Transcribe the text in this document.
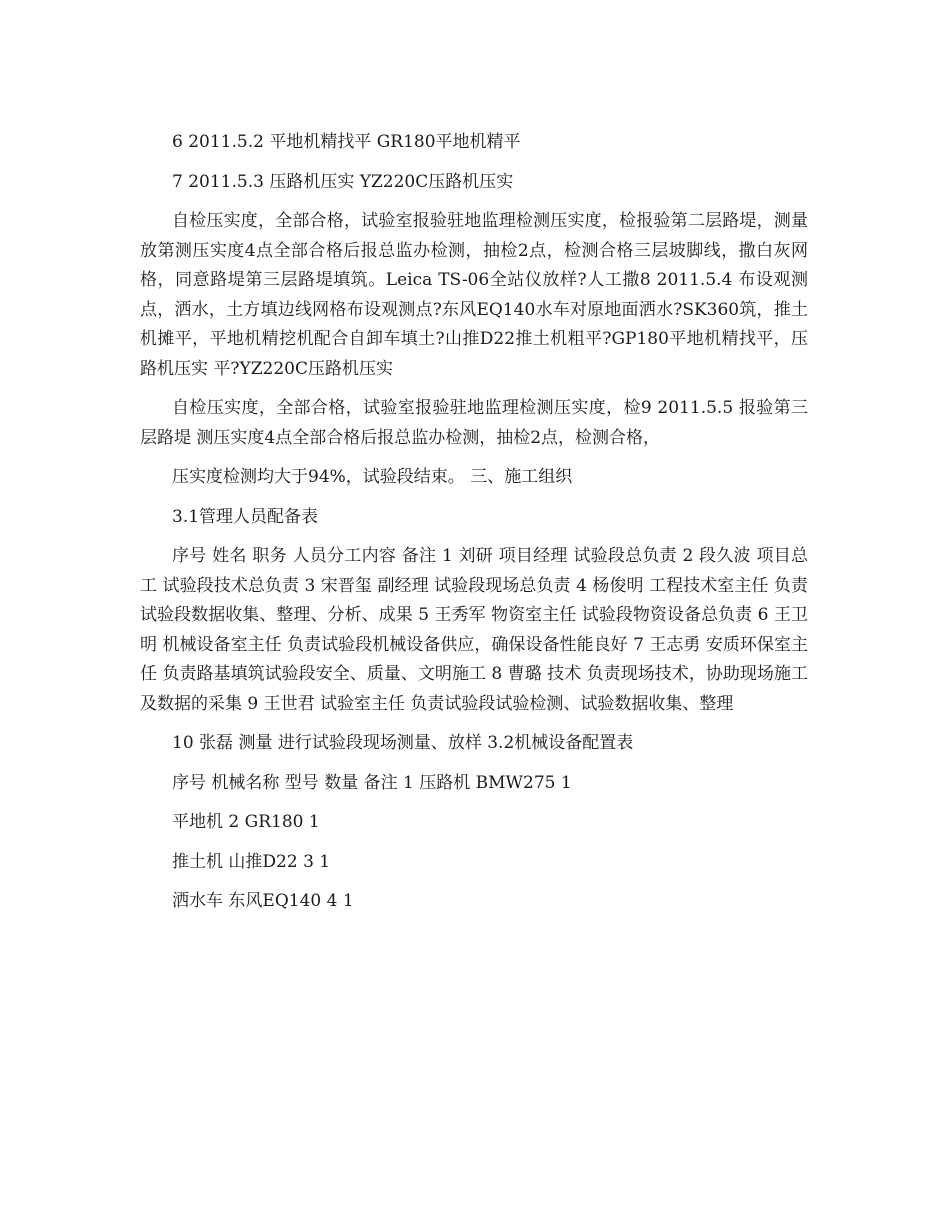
6 2011.5.2 平地机精找平 GR180平地机精平

7 2011.5.3 压路机压实 YZ220C压路机压实

自检压实度，全部合格，试验室报验驻地监理检测压实度，检报验第二层路堤，测量放第测压实度4点全部合格后报总监办检测，抽检2点，检测合格三层坡脚线，撒白灰网格，同意路堤第三层路堤填筑。Leica TS-06全站仪放样?人工撒8 2011.5.4 布设观测点，洒水，土方填边线网格布设观测点?东风EQ140水车对原地面洒水?SK360筑，推土机摊平，平地机精挖机配合自卸车填土?山推D22推土机粗平?GP180平地机精找平，压路机压实 平?YZ220C压路机压实

自检压实度，全部合格，试验室报验驻地监理检测压实度，检9 2011.5.5 报验第三层路堤 测压实度4点全部合格后报总监办检测，抽检2点，检测合格，

压实度检测均大于94%，试验段结束。 三、施工组织

3.1管理人员配备表

序号 姓名 职务 人员分工内容 备注 1 刘研 项目经理 试验段总负责 2 段久波 项目总工 试验段技术总负责 3 宋晋玺 副经理 试验段现场总负责 4 杨俊明 工程技术室主任 负责试验段数据收集、整理、分析、成果 5 王秀军 物资室主任 试验段物资设备总负责 6 王卫明 机械设备室主任 负责试验段机械设备供应，确保设备性能良好 7 王志勇 安质环保室主任 负责路基填筑试验段安全、质量、文明施工 8 曹璐 技术 负责现场技术，协助现场施工及数据的采集 9 王世君 试验室主任 负责试验段试验检测、试验数据收集、整理

10 张磊 测量 进行试验段现场测量、放样 3.2机械设备配置表

序号 机械名称 型号 数量 备注 1 压路机 BMW275 1

平地机 2 GR180 1

推土机 山推D22 3 1

洒水车 东风EQ140 4 1
